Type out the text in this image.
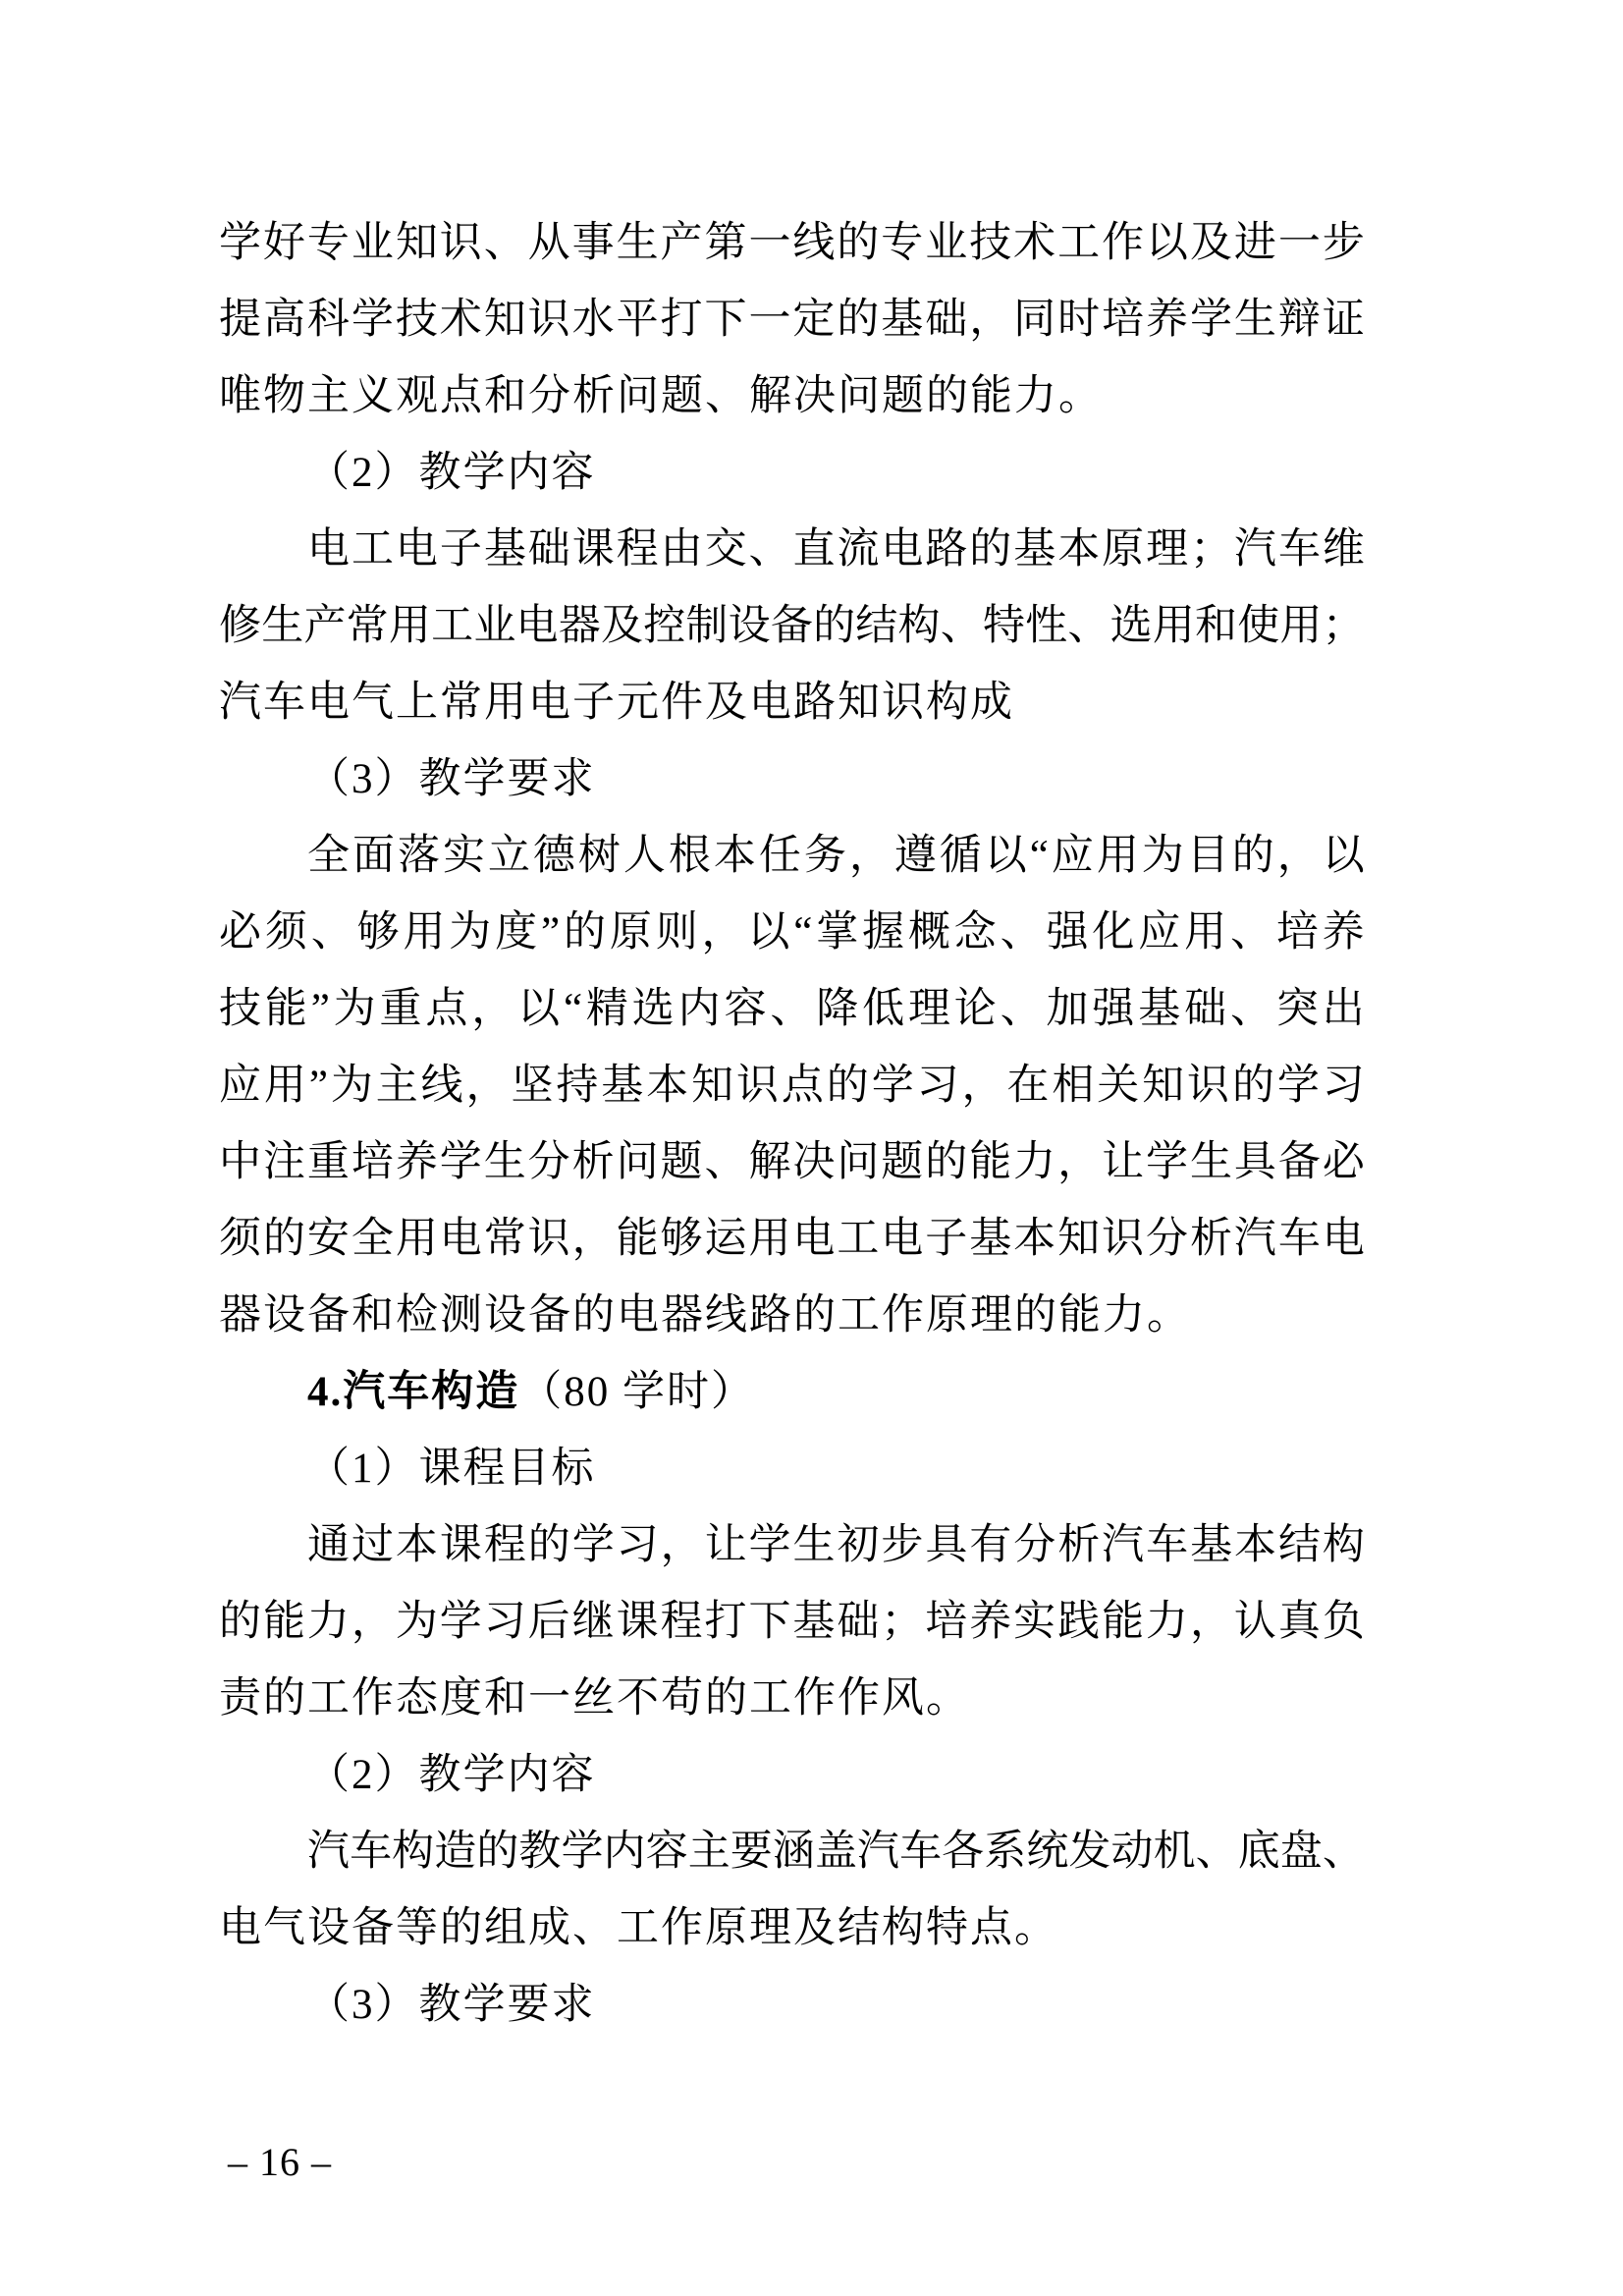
学 好 专 业 知 识 、 从 事 生 产 第 一 线 的 专 业 技 术 工 作 以 及 进 一 步

提 高 科 学 技 术 知 识 水 平 打 下 一 定 的 基 础 ， 同 时 培 养 学 生 辩 证

唯物主义观点和分析问题、解决问题的能力。

（2）教学内容

电 工 电 子 基 础 课 程 由 交 、 直 流 电 路 的 基 本 原 理 ； 汽 车 维

修 生 产 常 用 工 业 电 器 及 控 制 设 备 的 结 构 、 特 性 、 选 用 和 使 用 ；

汽车电气上常用电子元件及电路知识构成

（3）教学要求

全 面 落 实 立 德 树 人 根 本 任 务 ， 遵 循 以 “ 应 用 为 目 的 ， 以

必 须 、 够 用 为 度 ” 的 原 则 ， 以 “ 掌 握 概 念 、 强 化 应 用 、 培 养

技 能 ” 为 重 点 ， 以 “ 精 选 内 容 、 降 低 理 论 、 加 强 基 础 、 突 出

应 用 ” 为 主 线 ， 坚 持 基 本 知 识 点 的 学 习 ， 在 相 关 知 识 的 学 习

中 注 重 培 养 学 生 分 析 问 题 、 解 决 问 题 的 能 力 ， 让 学 生 具 备 必

须 的 安 全 用 电 常 识 ， 能 够 运 用 电 工 电 子 基 本 知 识 分 析 汽 车 电

器设备和检测设备的电器线路的工作原理的能力。

4.汽车构造（80 学时）

（1）课程目标

通 过 本 课 程 的 学 习 ， 让 学 生 初 步 具 有 分 析 汽 车 基 本 结 构

的 能 力 ， 为 学 习 后 继 课 程 打 下 基 础 ； 培 养 实 践 能 力 ， 认 真 负

责的工作态度和一丝不苟的工作作风。

（2）教学内容

汽 车 构 造 的 教 学 内 容 主 要 涵 盖 汽 车 各 系 统 发 动 机 、 底 盘 、

电气设备等的组成、工作原理及结构特点。

（3）教学要求

– 16 –
